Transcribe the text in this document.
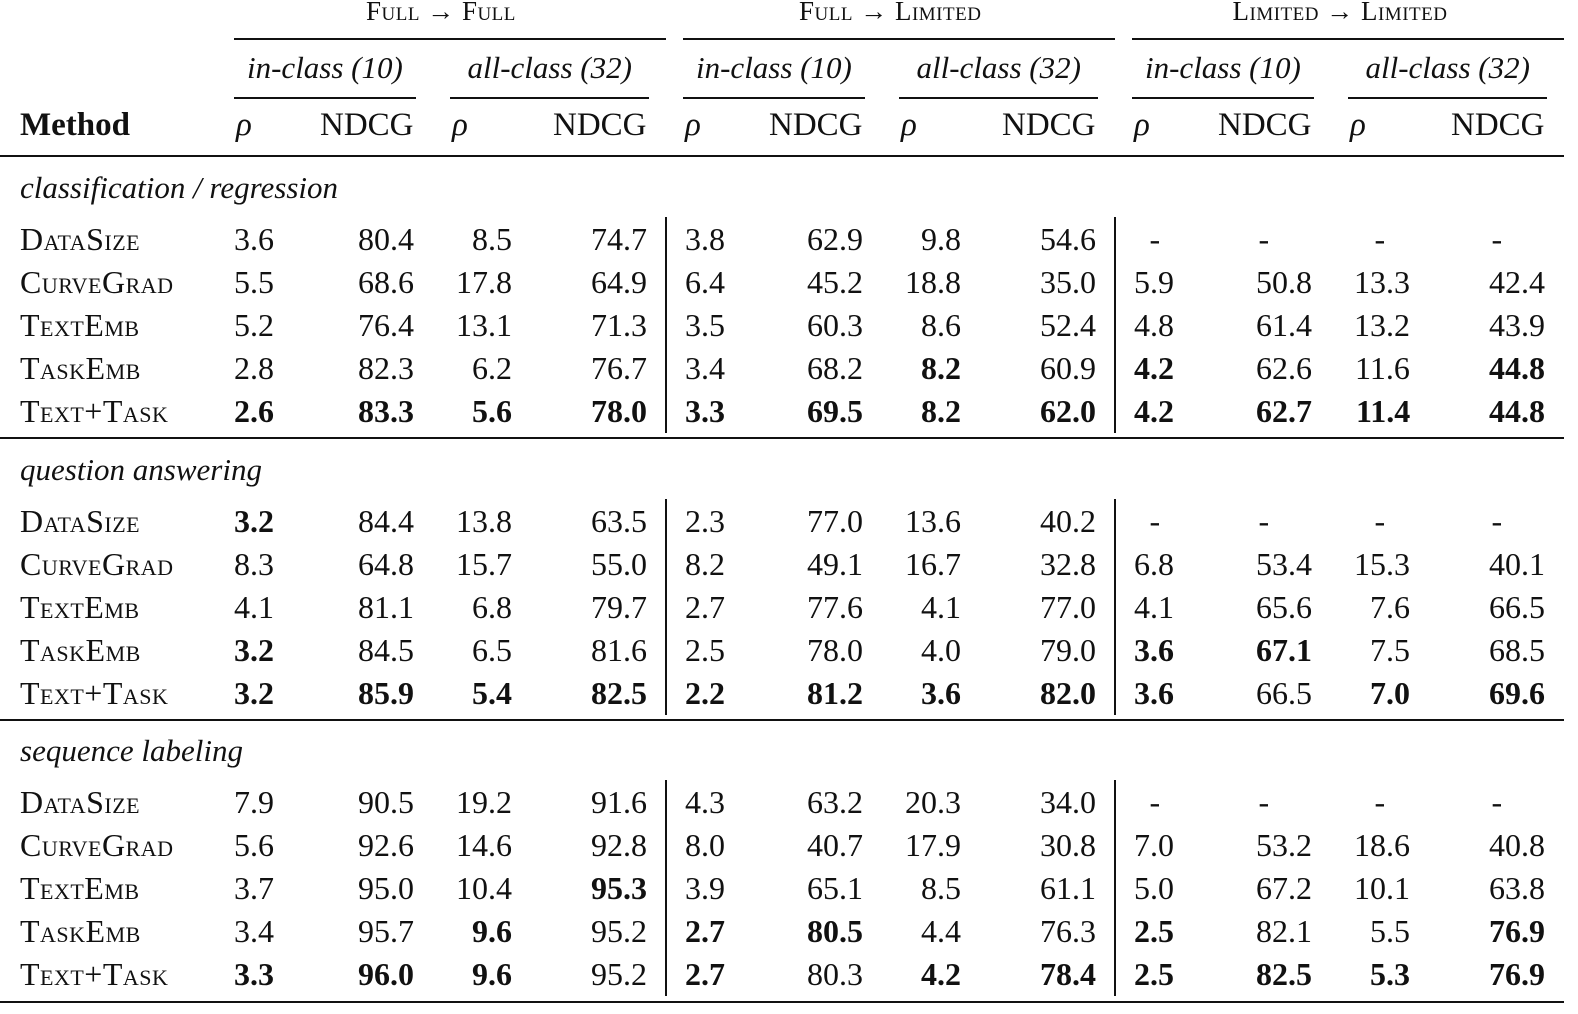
Full → Full	Full → Limited	Limited → Limited
in-class (10) all-class (32) in-class (10) all-class (32) in-class (10) all-class (32)
Method	ρ NDCG ρ	NDCG ρ NDCG ρ	NDCG ρ NDCG ρ	NDCG
classification / regression
DataSize	3.6	80.4 8.5 74.7 3.8	62.9 9.8 54.6 -	-	-	-
CurveGrad 5.5	68.6 17.8 64.9 6.4	45.2 18.8 35.0 5.9	50.8 13.3 42.4
TextEmb	5.2	76.4 13.1 71.3 3.5	60.3 8.6 52.4 4.8	61.4 13.2 43.9
TaskEmb	2.8	82.3 6.2 76.7 3.4	68.2 8.2 60.9 4.2	62.6 11.6 44.8
Text+Task 2.6	83.3 5.6 78.0 3.3	69.5 8.2 62.0 4.2	62.7 11.4 44.8
question answering
DataSize	3.2	84.4 13.8 63.5 2.3	77.0 13.6 40.2 -	-	-	-
CurveGrad 8.3	64.8 15.7 55.0 8.2	49.1 16.7 32.8 6.8	53.4 15.3 40.1
TextEmb	4.1	81.1 6.8 79.7 2.7	77.6 4.1 77.0 4.1	65.6 7.6 66.5
TaskEmb	3.2	84.5 6.5 81.6 2.5	78.0 4.0 79.0 3.6	67.1 7.5 68.5
Text+Task 3.2	85.9 5.4 82.5 2.2	81.2 3.6 82.0 3.6	66.5 7.0 69.6
sequence labeling
DataSize	7.9	90.5 19.2 91.6 4.3	63.2 20.3 34.0 -	-	-	-
CurveGrad 5.6	92.6 14.6 92.8 8.0	40.7 17.9 30.8 7.0	53.2 18.6 40.8
TextEmb	3.7	95.0 10.4 95.3 3.9	65.1 8.5 61.1 5.0	67.2 10.1 63.8
TaskEmb	3.4	95.7 9.6 95.2 2.7	80.5 4.4 76.3 2.5	82.1 5.5 76.9
Text+Task 3.3	96.0 9.6 95.2 2.7	80.3 4.2 78.4 2.5	82.5 5.3 76.9
